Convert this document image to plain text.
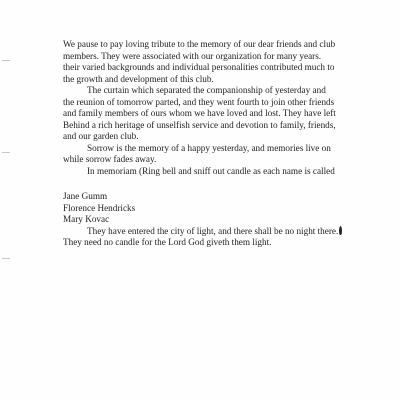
We pause to pay loving tribute to the memory of our dear friends and club
members. They were associated with our organization for many years.
their varied backgrounds and individual personalities contributed much to
the growth and development of this club.

The curtain which separated the companionship of yesterday and
the reunion of tomorrow parted, and they went fourth to join other friends
and family members of ours whom we have loved and lost. They have left
Behind a rich heritage of unselfish service and devotion to family, friends,
and our garden club.

Sorrow is the memory of a happy yesterday, and memories live on
while sorrow fades away.

In memoriam (Ring bell and sniff out candle as each name is called

Jane Gumm

Florence Hendricks

Mary Kovac

They have entered the city of light, and there shall be no night there.
They need no candle for the Lord God giveth them light.
